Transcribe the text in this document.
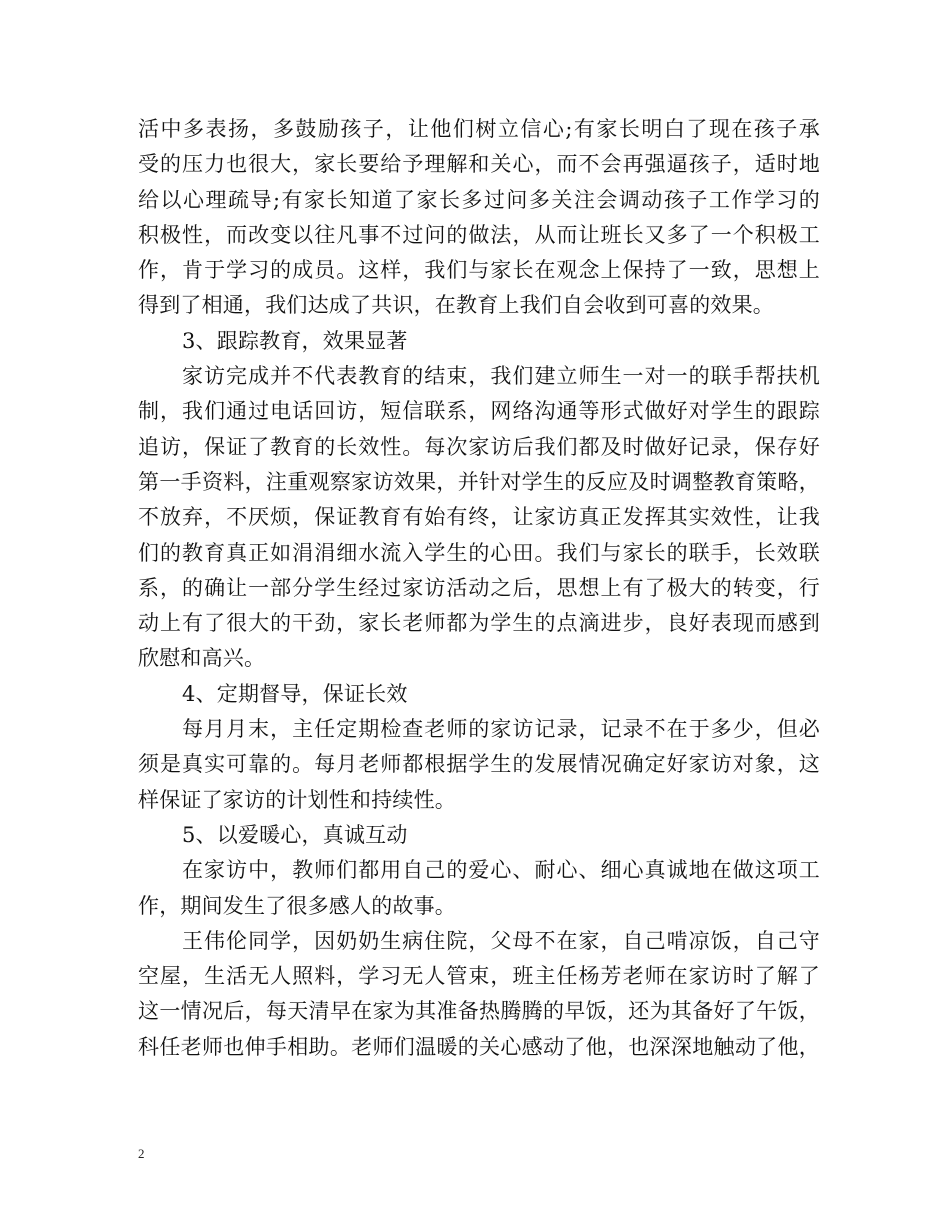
活中多表扬，多鼓励孩子，让他们树立信心;有家长明白了现在孩子承
受的压力也很大，家长要给予理解和关心，而不会再强逼孩子，适时地
给以心理疏导;有家长知道了家长多过问多关注会调动孩子工作学习的
积极性，而改变以往凡事不过问的做法，从而让班长又多了一个积极工
作，肯于学习的成员。这样，我们与家长在观念上保持了一致，思想上
得到了相通，我们达成了共识，在教育上我们自会收到可喜的效果。
3、跟踪教育，效果显著
家访完成并不代表教育的结束，我们建立师生一对一的联手帮扶机
制，我们通过电话回访，短信联系，网络沟通等形式做好对学生的跟踪
追访，保证了教育的长效性。每次家访后我们都及时做好记录，保存好
第一手资料，注重观察家访效果，并针对学生的反应及时调整教育策略，
不放弃，不厌烦，保证教育有始有终，让家访真正发挥其实效性，让我
们的教育真正如涓涓细水流入学生的心田。我们与家长的联手，长效联
系，的确让一部分学生经过家访活动之后，思想上有了极大的转变，行
动上有了很大的干劲，家长老师都为学生的点滴进步，良好表现而感到
欣慰和高兴。
4、定期督导，保证长效
每月月末，主任定期检查老师的家访记录，记录不在于多少，但必
须是真实可靠的。每月老师都根据学生的发展情况确定好家访对象，这
样保证了家访的计划性和持续性。
5、以爱暖心，真诚互动
在家访中，教师们都用自己的爱心、耐心、细心真诚地在做这项工
作，期间发生了很多感人的故事。
王伟伦同学，因奶奶生病住院，父母不在家，自己啃凉饭，自己守
空屋，生活无人照料，学习无人管束，班主任杨芳老师在家访时了解了
这一情况后，每天清早在家为其准备热腾腾的早饭，还为其备好了午饭，
科任老师也伸手相助。老师们温暖的关心感动了他，也深深地触动了他，
2
